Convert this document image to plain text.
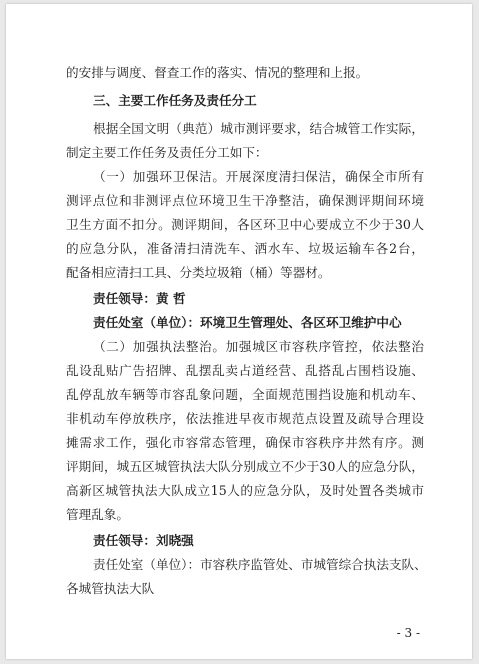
的安排与调度、督查工作的落实、情况的整理和上报。
三、主要工作任务及责任分工
根据全国文明（典范）城市测评要求，结合城管工作实际，
制定主要工作任务及责任分工如下：
（一）加强环卫保洁。开展深度清扫保洁，确保全市所有
测评点位和非测评点位环境卫生干净整洁，确保测评期间环境
卫生方面不扣分。测评期间，各区环卫中心要成立不少于30人
的应急分队，准备清扫清洗车、洒水车、垃圾运输车各2台，
配备相应清扫工具、分类垃圾箱（桶）等器材。
责任领导：黄 哲
责任处室（单位）：环境卫生管理处、各区环卫维护中心
（二）加强执法整治。加强城区市容秩序管控，依法整治
乱设乱贴广告招牌、乱摆乱卖占道经营、乱搭乱占围档设施、
乱停乱放车辆等市容乱象问题，全面规范围挡设施和机动车、
非机动车停放秩序，依法推进早夜市规范点设置及疏导合理设
摊需求工作，强化市容常态管理，确保市容秩序井然有序。测
评期间，城五区城管执法大队分别成立不少于30人的应急分队，
高新区城管执法大队成立15人的应急分队，及时处置各类城市
管理乱象。
责任领导：刘晓强
责任处室（单位）：市容秩序监管处、市城管综合执法支队、
各城管执法大队
- 3 -
